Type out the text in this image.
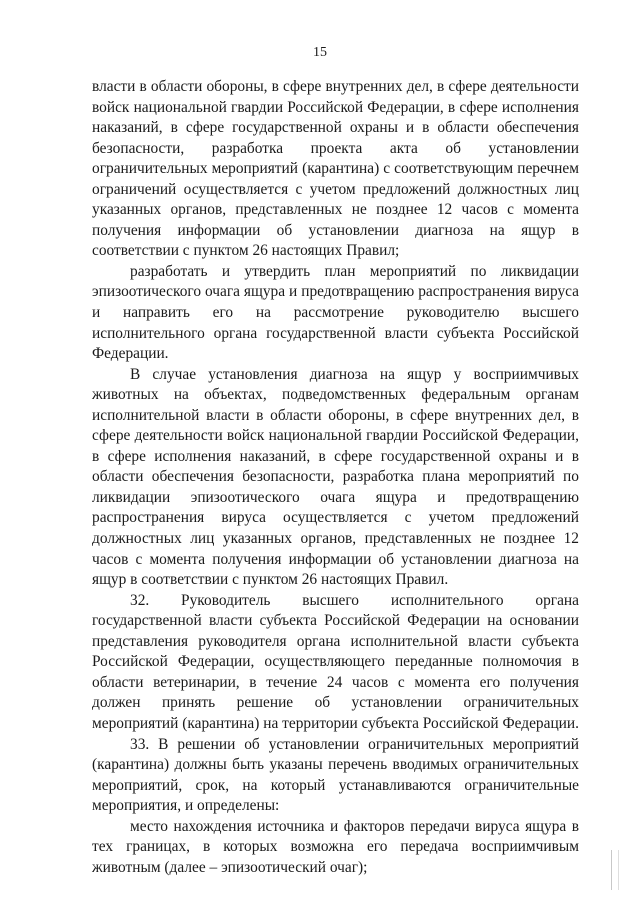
15

власти в области обороны, в сфере внутренних дел, в сфере деятельности войск национальной гвардии Российской Федерации, в сфере исполнения наказаний, в сфере государственной охраны и в области обеспечения безопасности, разработка проекта акта об установлении ограничительных мероприятий (карантина) с соответствующим перечнем ограничений осуществляется с учетом предложений должностных лиц указанных органов, представленных не позднее 12 часов с момента получения информации об установлении диагноза на ящур в соответствии с пунктом 26 настоящих Правил;

разработать и утвердить план мероприятий по ликвидации эпизоотического очага ящура и предотвращению распространения вируса и направить его на рассмотрение руководителю высшего исполнительного органа государственной власти субъекта Российской Федерации.

В случае установления диагноза на ящур у восприимчивых животных на объектах, подведомственных федеральным органам исполнительной власти в области обороны, в сфере внутренних дел, в сфере деятельности войск национальной гвардии Российской Федерации, в сфере исполнения наказаний, в сфере государственной охраны и в области обеспечения безопасности, разработка плана мероприятий по ликвидации эпизоотического очага ящура и предотвращению распространения вируса осуществляется с учетом предложений должностных лиц указанных органов, представленных не позднее 12 часов с момента получения информации об установлении диагноза на ящур в соответствии с пунктом 26 настоящих Правил.

32. Руководитель высшего исполнительного органа государственной власти субъекта Российской Федерации на основании представления руководителя органа исполнительной власти субъекта Российской Федерации, осуществляющего переданные полномочия в области ветеринарии, в течение 24 часов с момента его получения должен принять решение об установлении ограничительных мероприятий (карантина) на территории субъекта Российской Федерации.

33. В решении об установлении ограничительных мероприятий (карантина) должны быть указаны перечень вводимых ограничительных мероприятий, срок, на который устанавливаются ограничительные мероприятия, и определены:

место нахождения источника и факторов передачи вируса ящура в тех границах, в которых возможна его передача восприимчивым животным (далее – эпизоотический очаг);
